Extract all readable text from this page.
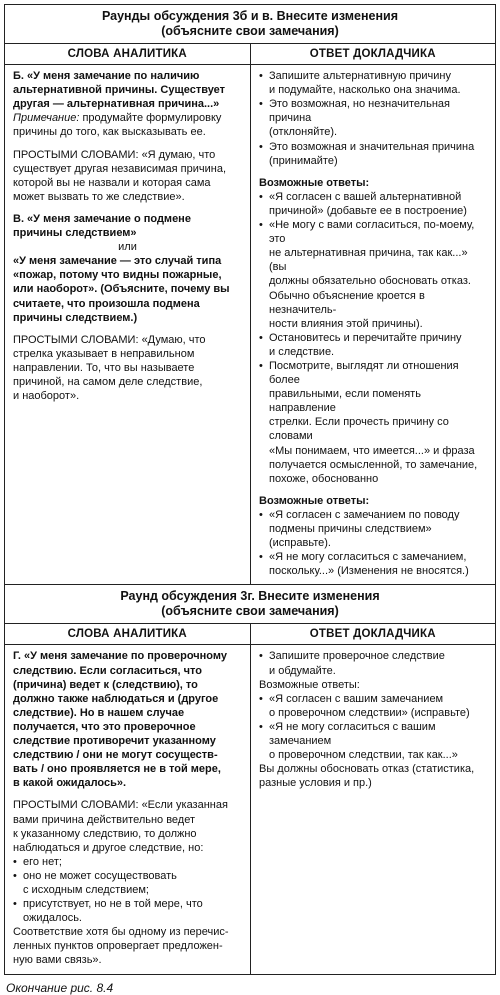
Раунды обсуждения 3б и в. Внесите изменения
(объясните свои замечания)
СЛОВА АНАЛИТИКА	ОТВЕТ ДОКЛАДЧИКА
Б. «У меня замечание по наличию
альтернативной причины. Существует
другая — альтернативная причина...»
Примечание: продумайте формулировку
причины до того, как высказывать ее.
ПРОСТЫМИ СЛОВАМИ: «Я думаю, что
существует другая независимая причина,
которой вы не назвали и которая сама
может вызвать то же следствие».
В. «У меня замечание о подмене
причины следствием»
или
«У меня замечание — это случай типа
«пожар, потому что видны пожарные,
или наоборот». (Объясните, почему вы
считаете, что произошла подмена
причины следствием.)
ПРОСТЫМИ СЛОВАМИ: «Думаю, что
стрелка указывает в неправильном
направлении. То, что вы называете
причиной, на самом деле следствие,
и наоборот».
• Запишите альтернативную причину
и подумайте, насколько она значима.
• Это возможная, но незначительная причина
(отклоняйте).
• Это возможная и значительная причина
(принимайте)
Возможные ответы:
• «Я согласен с вашей альтернативной
причиной» (добавьте ее в построение)
• «Не могу с вами согласиться, по-моему, это
не альтернативная причина, так как...» (вы
должны обязательно обосновать отказ.
Обычно объяснение кроется в незначитель-
ности влияния этой причины).
• Остановитесь и перечитайте причину
и следствие.
• Посмотрите, выглядят ли отношения более
правильными, если поменять направление
стрелки. Если прочесть причину со словами
«Мы понимаем, что имеется...» и фраза
получается осмысленной, то замечание,
похоже, обоснованно
Возможные ответы:
• «Я согласен с замечанием по поводу
подмены причины следствием» (исправьте).
• «Я не могу согласиться с замечанием,
поскольку...» (Изменения не вносятся.)
Раунд обсуждения 3г. Внесите изменения
(объясните свои замечания)
СЛОВА АНАЛИТИКА	ОТВЕТ ДОКЛАДЧИКА
Г. «У меня замечание по проверочному
следствию. Если согласиться, что
(причина) ведет к (следствию), то
должно также наблюдаться и (другое
следствие). Но в нашем случае
получается, что это проверочное
следствие противоречит указанному
следствию / они не могут сосуществ-
вать / оно проявляется не в той мере,
в какой ожидалось».
ПРОСТЫМИ СЛОВАМИ: «Если указанная
вами причина действительно ведет
к указанному следствию, то должно
наблюдаться и другое следствие, но:
• его нет;
• оно не может сосуществовать
с исходным следствием;
• присутствует, но не в той мере, что
ожидалось.
Соответствие хотя бы одному из перечис-
ленных пунктов опровергает предложен-
ную вами связь».
• Запишите проверочное следствие
и обдумайте.
Возможные ответы:
• «Я согласен с вашим замечанием
о проверочном следствии» (исправьте)
• «Я не могу согласиться с вашим замечанием
о проверочном следствии, так как...»
Вы должны обосновать отказ (статистика,
разные условия и пр.)
Окончание рис. 8.4
